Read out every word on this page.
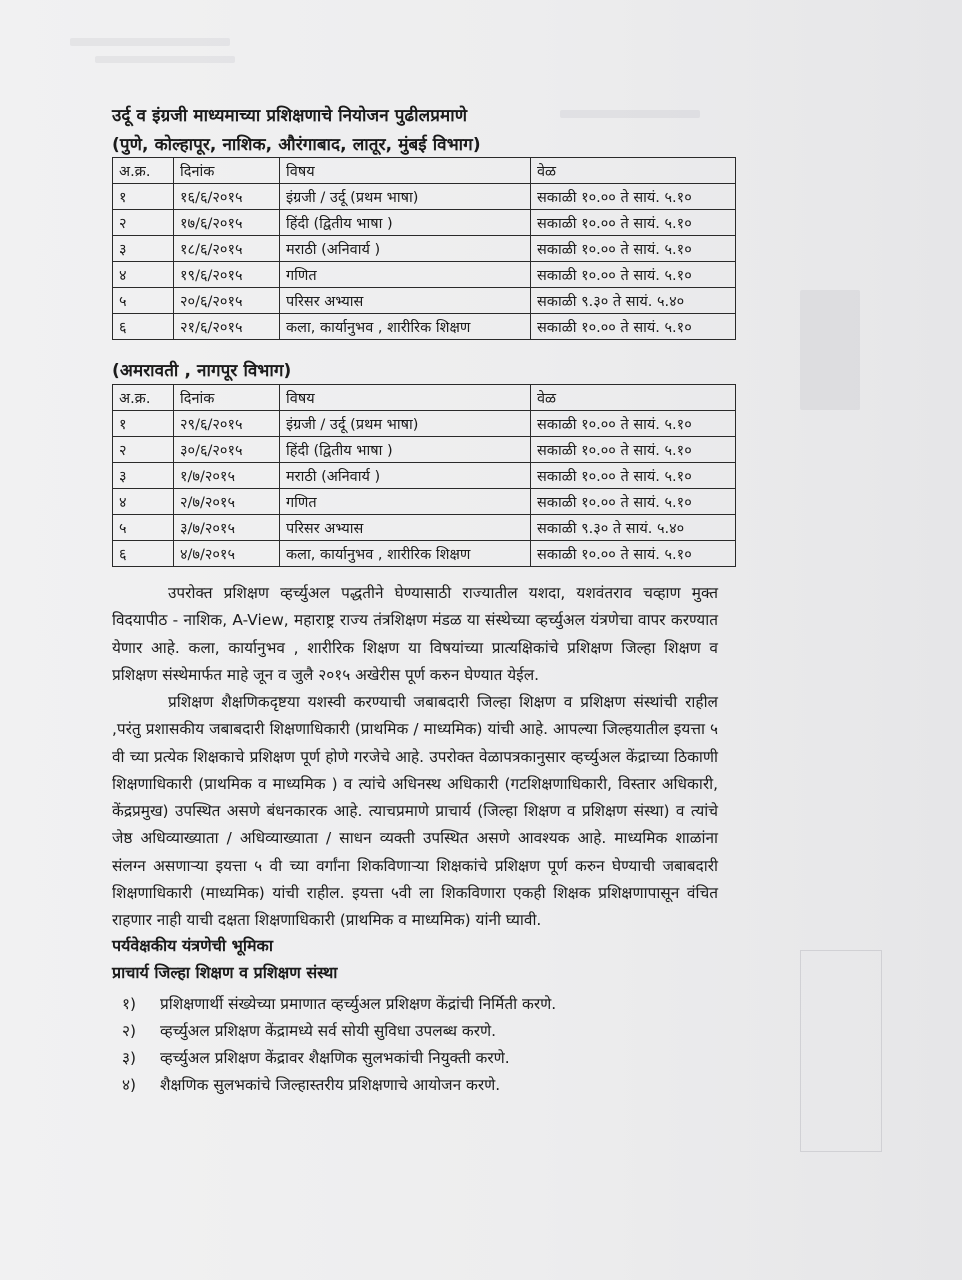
उर्दू व इंग्रजी माध्यमाच्या प्रशिक्षणाचे नियोजन पुढीलप्रमाणे
(पुणे, कोल्हापूर, नाशिक, औरंगाबाद, लातूर, मुंबई विभाग)
अ.क्र.	दिनांक	विषय	वेळ
१	१६/६/२०१५	इंग्रजी / उर्दू (प्रथम भाषा)	सकाळी १०.०० ते सायं. ५.१०
२	१७/६/२०१५	हिंदी (द्वितीय भाषा )	सकाळी १०.०० ते सायं. ५.१०
३	१८/६/२०१५	मराठी (अनिवार्य )	सकाळी १०.०० ते सायं. ५.१०
४	१९/६/२०१५	गणित	सकाळी १०.०० ते सायं. ५.१०
५	२०/६/२०१५	परिसर अभ्यास	सकाळी ९.३० ते सायं. ५.४०
६	२१/६/२०१५	कला, कार्यानुभव , शारीरिक शिक्षण	सकाळी १०.०० ते सायं. ५.१०
(अमरावती , नागपूर विभाग)
अ.क्र.	दिनांक	विषय	वेळ
१	२९/६/२०१५	इंग्रजी / उर्दू (प्रथम भाषा)	सकाळी १०.०० ते सायं. ५.१०
२	३०/६/२०१५	हिंदी (द्वितीय भाषा )	सकाळी १०.०० ते सायं. ५.१०
३	१/७/२०१५	मराठी (अनिवार्य )	सकाळी १०.०० ते सायं. ५.१०
४	२/७/२०१५	गणित	सकाळी १०.०० ते सायं. ५.१०
५	३/७/२०१५	परिसर अभ्यास	सकाळी ९.३० ते सायं. ५.४०
६	४/७/२०१५	कला, कार्यानुभव , शारीरिक शिक्षण	सकाळी १०.०० ते सायं. ५.१०

उपरोक्त प्रशिक्षण व्हर्च्युअल पद्धतीने घेण्यासाठी राज्यातील यशदा, यशवंतराव चव्हाण मुक्त विदयापीठ - नाशिक, A-View, महाराष्ट्र राज्य तंत्रशिक्षण मंडळ या संस्थेच्या व्हर्च्युअल यंत्रणेचा वापर करण्यात येणार आहे. कला, कार्यानुभव , शारीरिक शिक्षण या विषयांच्या प्रात्यक्षिकांचे प्रशिक्षण जिल्हा शिक्षण व प्रशिक्षण संस्थेमार्फत माहे जून व जुलै २०१५ अखेरीस पूर्ण करुन घेण्यात येईल.

प्रशिक्षण शैक्षणिकदृष्टया यशस्वी करण्याची जबाबदारी जिल्हा शिक्षण व प्रशिक्षण संस्थांची राहील ,परंतु प्रशासकीय जबाबदारी शिक्षणाधिकारी (प्राथमिक / माध्यमिक) यांची आहे. आपल्या जिल्हयातील इयत्ता ५ वी च्या प्रत्येक शिक्षकाचे प्रशिक्षण पूर्ण होणे गरजेचे आहे. उपरोक्त वेळापत्रकानुसार व्हर्च्युअल केंद्राच्या ठिकाणी शिक्षणाधिकारी (प्राथमिक व माध्यमिक ) व त्यांचे अधिनस्थ अधिकारी (गटशिक्षणाधिकारी, विस्तार अधिकारी, केंद्रप्रमुख) उपस्थित असणे बंधनकारक आहे. त्याचप्रमाणे प्राचार्य (जिल्हा शिक्षण व प्रशिक्षण संस्था) व त्यांचे जेष्ठ अधिव्याख्याता / अधिव्याख्याता / साधन व्यक्ती उपस्थित असणे आवश्यक आहे. माध्यमिक शाळांना संलग्न असणाऱ्या इयत्ता ५ वी च्या वर्गांना शिकविणाऱ्या शिक्षकांचे प्रशिक्षण पूर्ण करुन घेण्याची जबाबदारी शिक्षणाधिकारी (माध्यमिक) यांची राहील. इयत्ता ५वी ला शिकविणारा एकही शिक्षक प्रशिक्षणापासून वंचित राहणार नाही याची दक्षता शिक्षणाधिकारी (प्राथमिक व माध्यमिक) यांनी घ्यावी.

पर्यवेक्षकीय यंत्रणेची भूमिका
प्राचार्य जिल्हा शिक्षण व प्रशिक्षण संस्था
१) प्रशिक्षणार्थी संख्येच्या प्रमाणात व्हर्च्युअल प्रशिक्षण केंद्रांची निर्मिती करणे.
२) व्हर्च्युअल प्रशिक्षण केंद्रामध्ये सर्व सोयी सुविधा उपलब्ध करणे.
३) व्हर्च्युअल प्रशिक्षण केंद्रावर शैक्षणिक सुलभकांची नियुक्ती करणे.
४) शैक्षणिक सुलभकांचे जिल्हास्तरीय प्रशिक्षणाचे आयोजन करणे.
